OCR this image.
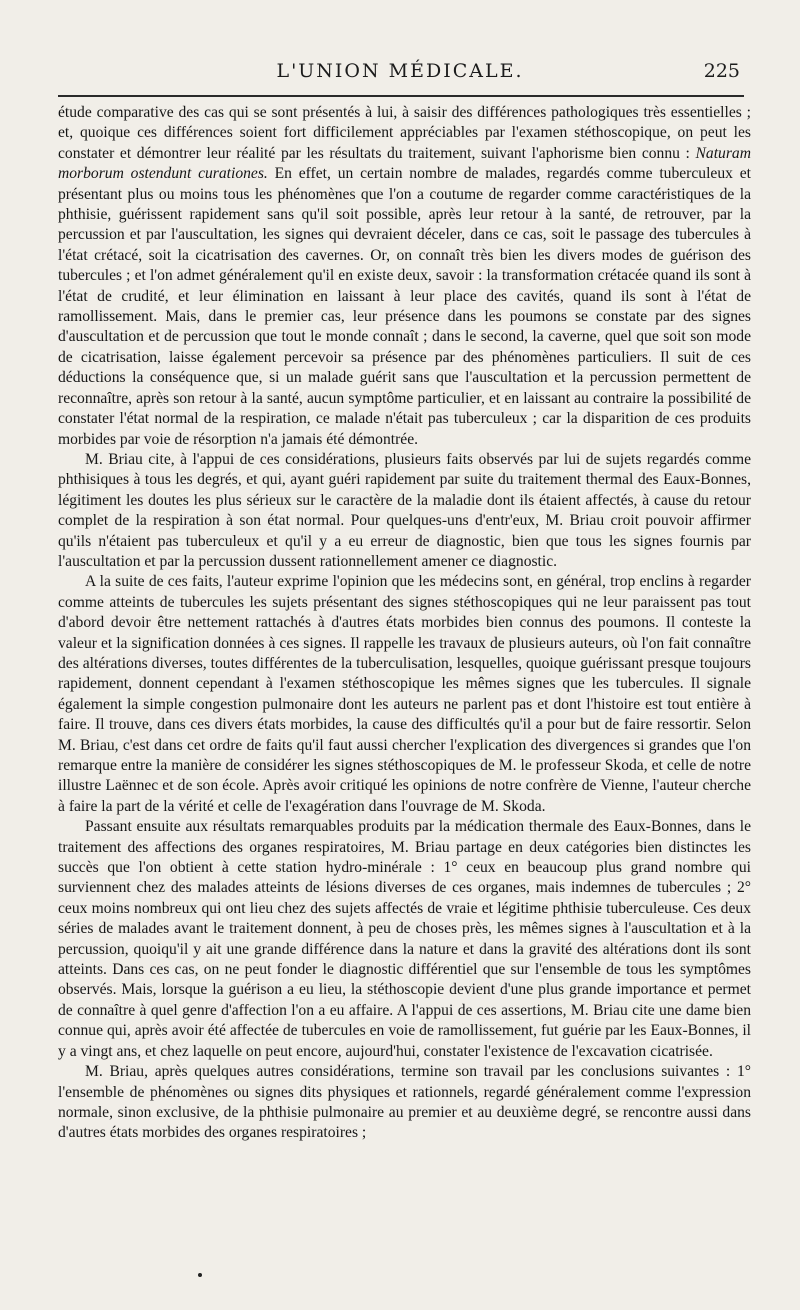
L'UNION MÉDICALE.	225

étude comparative des cas qui se sont présentés à lui, à saisir des différences pathologiques très essentielles ; et, quoique ces différences soient fort difficilement appréciables par l'examen stéthoscopique, on peut les constater et démontrer leur réalité par les résultats du traitement, suivant l'aphorisme bien connu : Naturam morborum ostendunt curationes. En effet, un certain nombre de malades, regardés comme tuberculeux et présentant plus ou moins tous les phénomènes que l'on a coutume de regarder comme caractéristiques de la phthisie, guérissent rapidement sans qu'il soit possible, après leur retour à la santé, de retrouver, par la percussion et par l'auscultation, les signes qui devraient déceler, dans ce cas, soit le passage des tubercules à l'état crétacé, soit la cicatrisation des cavernes. Or, on connaît très bien les divers modes de guérison des tubercules ; et l'on admet généralement qu'il en existe deux, savoir : la transformation crétacée quand ils sont à l'état de crudité, et leur élimination en laissant à leur place des cavités, quand ils sont à l'état de ramollissement. Mais, dans le premier cas, leur présence dans les poumons se constate par des signes d'auscultation et de percussion que tout le monde connaît ; dans le second, la caverne, quel que soit son mode de cicatrisation, laisse également percevoir sa présence par des phénomènes particuliers. Il suit de ces déductions la conséquence que, si un malade guérit sans que l'auscultation et la percussion permettent de reconnaître, après son retour à la santé, aucun symptôme particulier, et en laissant au contraire la possibilité de constater l'état normal de la respiration, ce malade n'était pas tuberculeux ; car la disparition de ces produits morbides par voie de résorption n'a jamais été démontrée.

M. Briau cite, à l'appui de ces considérations, plusieurs faits observés par lui de sujets regardés comme phthisiques à tous les degrés, et qui, ayant guéri rapidement par suite du traitement thermal des Eaux-Bonnes, légitiment les doutes les plus sérieux sur le caractère de la maladie dont ils étaient affectés, à cause du retour complet de la respiration à son état normal. Pour quelques-uns d'entr'eux, M. Briau croit pouvoir affirmer qu'ils n'étaient pas tuberculeux et qu'il y a eu erreur de diagnostic, bien que tous les signes fournis par l'auscultation et par la percussion dussent rationnellement amener ce diagnostic.

A la suite de ces faits, l'auteur exprime l'opinion que les médecins sont, en général, trop enclins à regarder comme atteints de tubercules les sujets présentant des signes stéthoscopiques qui ne leur paraissent pas tout d'abord devoir être nettement rattachés à d'autres états morbides bien connus des poumons. Il conteste la valeur et la signification données à ces signes. Il rappelle les travaux de plusieurs auteurs, où l'on fait connaître des altérations diverses, toutes différentes de la tuberculisation, lesquelles, quoique guérissant presque toujours rapidement, donnent cependant à l'examen stéthoscopique les mêmes signes que les tubercules. Il signale également la simple congestion pulmonaire dont les auteurs ne parlent pas et dont l'histoire est tout entière à faire. Il trouve, dans ces divers états morbides, la cause des difficultés qu'il a pour but de faire ressortir. Selon M. Briau, c'est dans cet ordre de faits qu'il faut aussi chercher l'explication des divergences si grandes que l'on remarque entre la manière de considérer les signes stéthoscopiques de M. le professeur Skoda, et celle de notre illustre Laënnec et de son école. Après avoir critiqué les opinions de notre confrère de Vienne, l'auteur cherche à faire la part de la vérité et celle de l'exagération dans l'ouvrage de M. Skoda.

Passant ensuite aux résultats remarquables produits par la médication thermale des Eaux-Bonnes, dans le traitement des affections des organes respiratoires, M. Briau partage en deux catégories bien distinctes les succès que l'on obtient à cette station hydro-minérale : 1° ceux en beaucoup plus grand nombre qui surviennent chez des malades atteints de lésions diverses de ces organes, mais indemnes de tubercules ; 2° ceux moins nombreux qui ont lieu chez des sujets affectés de vraie et légitime phthisie tuberculeuse. Ces deux séries de malades avant le traitement donnent, à peu de choses près, les mêmes signes à l'auscultation et à la percussion, quoiqu'il y ait une grande différence dans la nature et dans la gravité des altérations dont ils sont atteints. Dans ces cas, on ne peut fonder le diagnostic différentiel que sur l'ensemble de tous les symptômes observés. Mais, lorsque la guérison a eu lieu, la stéthoscopie devient d'une plus grande importance et permet de connaître à quel genre d'affection l'on a eu affaire. A l'appui de ces assertions, M. Briau cite une dame bien connue qui, après avoir été affectée de tubercules en voie de ramollissement, fut guérie par les Eaux-Bonnes, il y a vingt ans, et chez laquelle on peut encore, aujourd'hui, constater l'existence de l'excavation cicatrisée.

M. Briau, après quelques autres considérations, termine son travail par les conclusions suivantes : 1° l'ensemble de phénomènes ou signes dits physiques et rationnels, regardé généralement comme l'expression normale, sinon exclusive, de la phthisie pulmonaire au premier et au deuxième degré, se rencontre aussi dans d'autres états morbides des organes respiratoires ;
